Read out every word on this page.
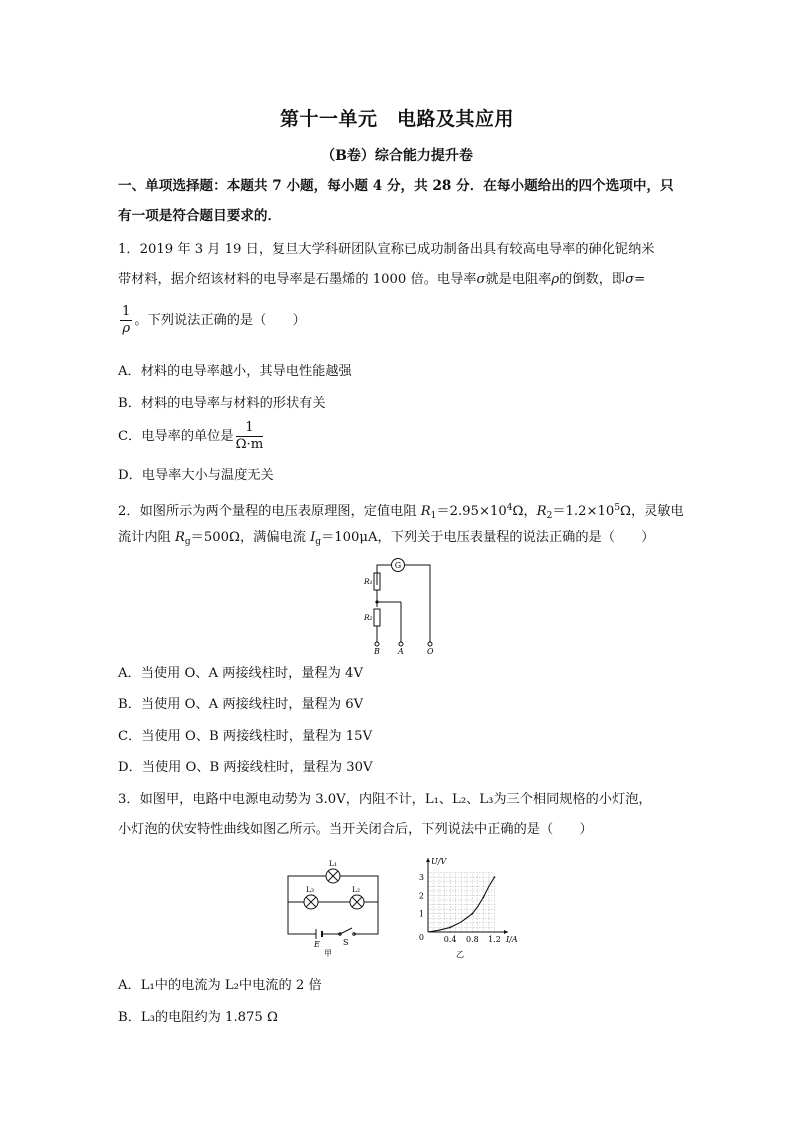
第十一单元　电路及其应用
（B卷）综合能力提升卷
一、单项选择题：本题共 7 小题，每小题 4 分，共 28 分．在每小题给出的四个选项中，只
有一项是符合题目要求的．
1．2019 年 3 月 19 日，复旦大学科研团队宣称已成功制备出具有较高电导率的砷化铌纳米
带材料，据介绍该材料的电导率是石墨烯的 1000 倍。电导率σ就是电阻率ρ的倒数，即σ=
$\frac{1}{\rho}$ 。下列说法正确的是（　　）
A．材料的电导率越小，其导电性能越强
B．材料的电导率与材料的形状有关
C．电导率的单位是 $\frac{1}{\Omega\cdot m}$
D．电导率大小与温度无关
2．如图所示为两个量程的电压表原理图，定值电阻 $R_1=2.95\times 10^4\Omega$，$R_2=1.2\times 10^5\Omega$，灵敏电
流计内阻 $R_g=500\Omega$，满偏电流 $I_g=100\mu A$，下列关于电压表量程的说法正确的是（　　）
G
R₁
R₂
B A	O
A．当使用 O、A 两接线柱时，量程为 4V
B．当使用 O、A 两接线柱时，量程为 6V
C．当使用 O、B 两接线柱时，量程为 15V
D．当使用 O、B 两接线柱时，量程为 30V
3．如图甲，电路中电源电动势为 3.0V，内阻不计，L₁、L₂、L₃为三个相同规格的小灯泡，
小灯泡的伏安特性曲线如图乙所示。当开关闭合后，下列说法中正确的是（　　）
L₁
L₃	L₂
E	S
甲
0.4 0.8 1.2
1
2
3
U/V
I/A
0
乙
A．L₁中的电流为 L₂中电流的 2 倍
B．L₃的电阻约为 1.875 Ω
